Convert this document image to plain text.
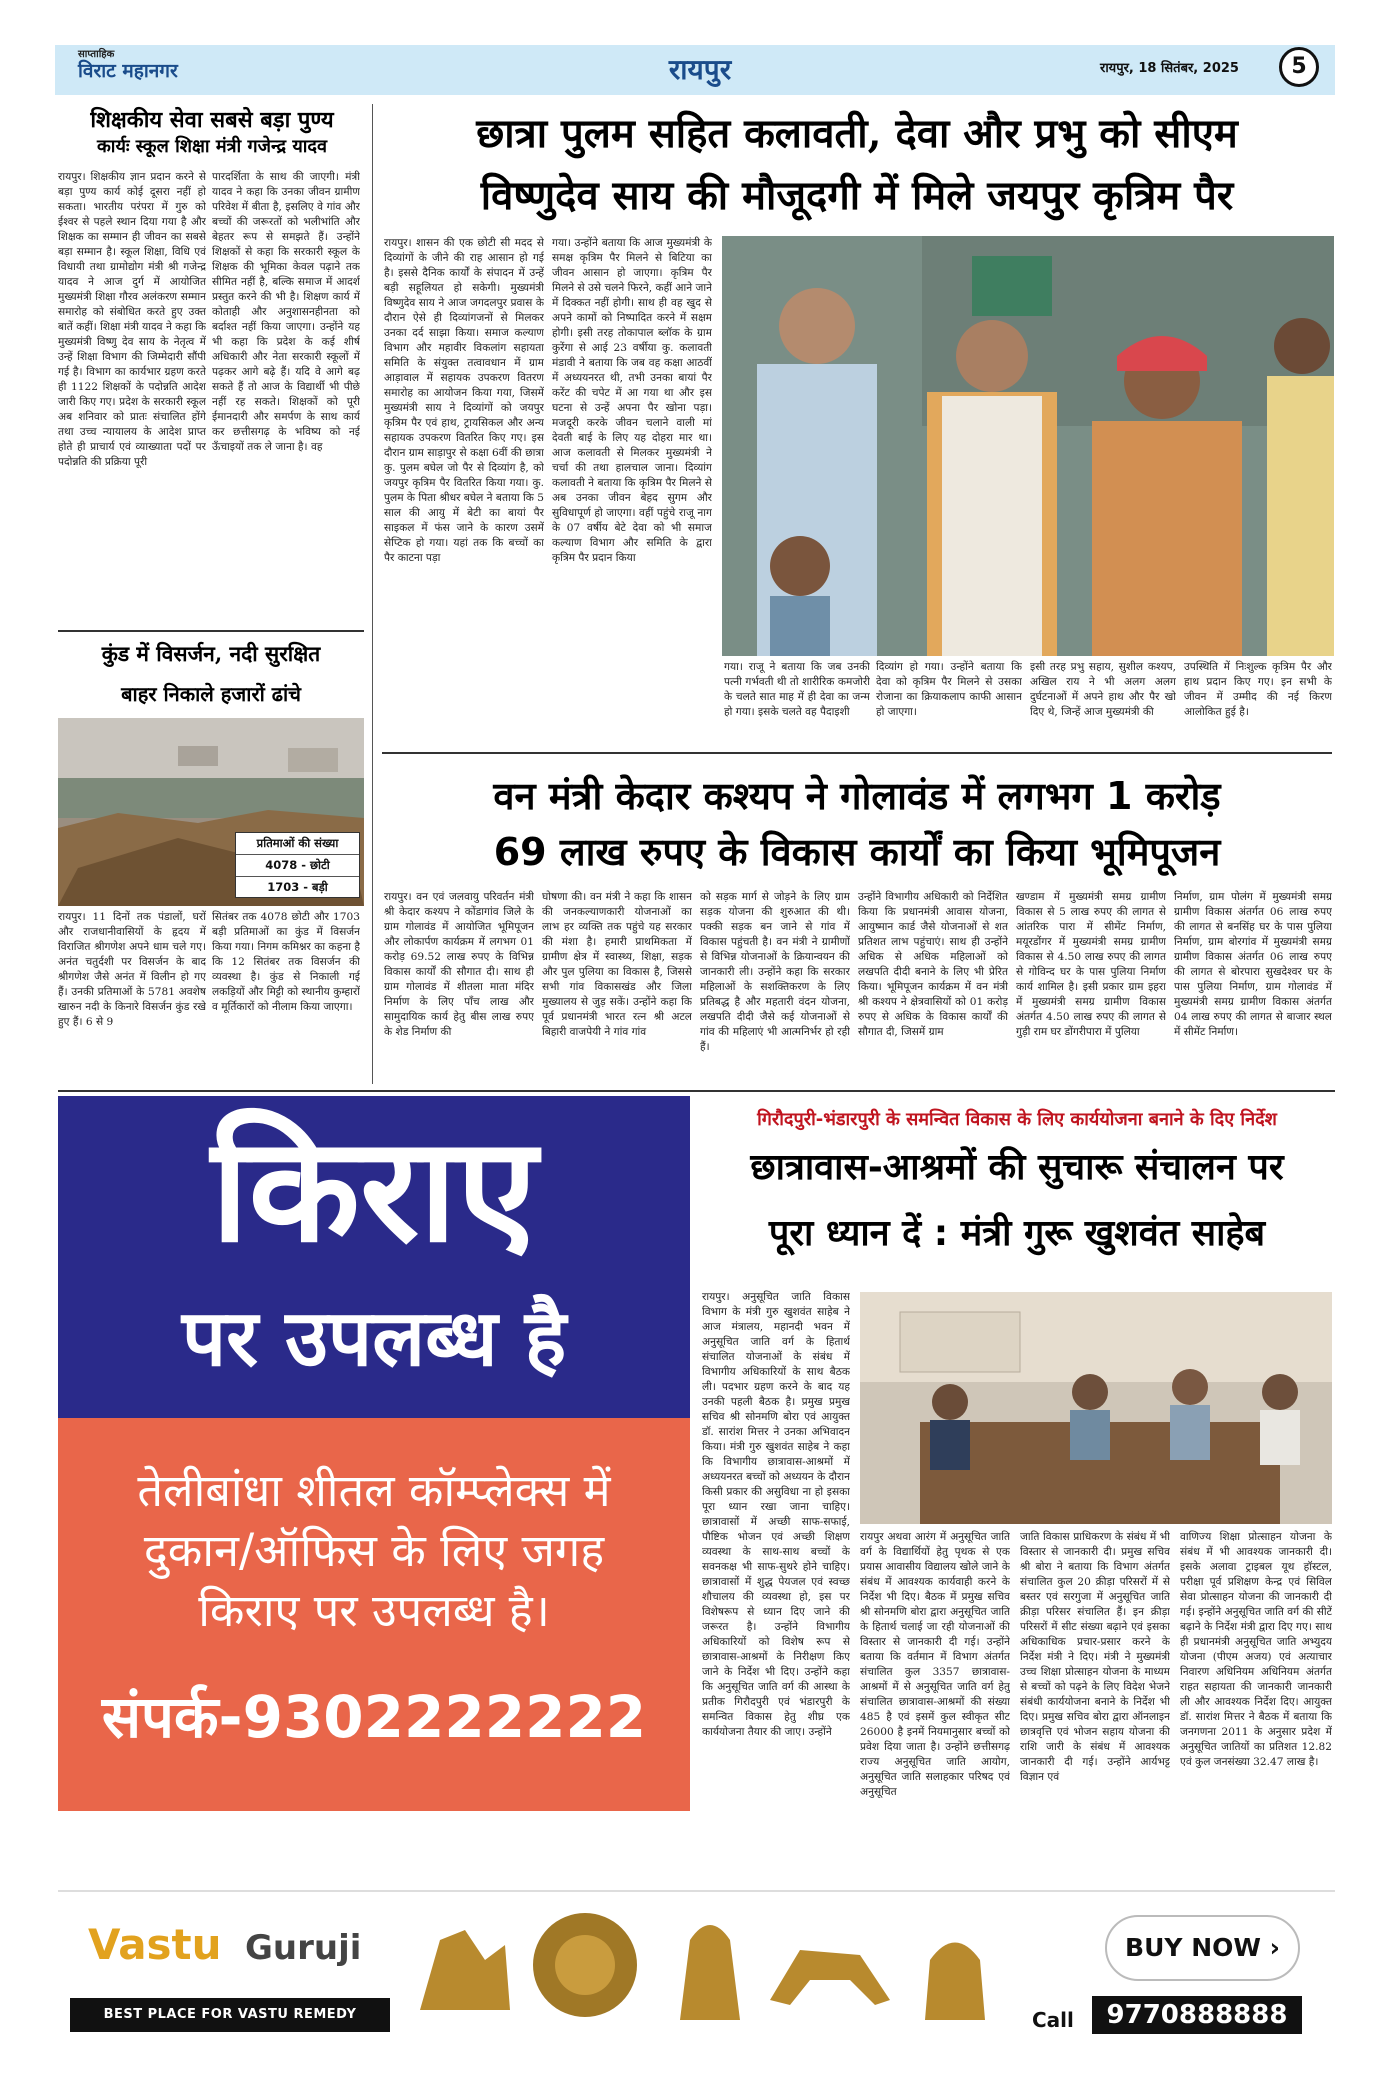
साप्ताहिक
विराट महानगर	रायपुर	रायपुर, 18 सितंबर, 2025	5
शिक्षकीय सेवा सबसे बड़ा पुण्य
कार्यः स्कूल शिक्षा मंत्री गजेन्द्र यादव
रायपुर। शिक्षकीय ज्ञान प्रदान करने से बड़ा पुण्य कार्य कोई दूसरा नहीं हो सकता। भारतीय परंपरा में गुरु को ईश्वर से पहले स्थान दिया गया है और शिक्षक का सम्मान ही जीवन का सबसे बड़ा सम्मान है। स्कूल शिक्षा, विधि एवं विधायी तथा ग्रामोद्योग मंत्री श्री गजेन्द्र यादव ने आज दुर्ग में आयोजित मुख्यमंत्री शिक्षा गौरव अलंकरण सम्मान समारोह को संबोधित करते हुए उक्त बातें कहीं। शिक्षा मंत्री यादव ने कहा कि मुख्यमंत्री विष्णु देव साय के नेतृत्व में उन्हें शिक्षा विभाग की जिम्मेदारी सौंपी गई है। विभाग का कार्यभार ग्रहण करते ही 1122 शिक्षकों के पदोन्नति आदेश जारी किए गए। प्रदेश के सरकारी स्कूल अब शनिवार को प्रातः संचालित होंगे तथा उच्च न्यायालय के आदेश प्राप्त होते ही प्राचार्य एवं व्याख्याता पदों पर पदोन्नति की प्रक्रिया पूरी
पारदर्शिता के साथ की जाएगी। मंत्री यादव ने कहा कि उनका जीवन ग्रामीण परिवेश में बीता है, इसलिए वे गांव और बच्चों की जरूरतों को भलीभांति और बेहतर रूप से समझते हैं। उन्होंने शिक्षकों से कहा कि सरकारी स्कूल के शिक्षक की भूमिका केवल पढ़ाने तक सीमित नहीं है, बल्कि समाज में आदर्श प्रस्तुत करने की भी है। शिक्षण कार्य में कोताही और अनुशासनहीनता को बर्दाश्त नहीं किया जाएगा। उन्होंने यह भी कहा कि प्रदेश के कई शीर्ष अधिकारी और नेता सरकारी स्कूलों में पढ़कर आगे बढ़े हैं। यदि वे आगे बढ़ सकते हैं तो आज के विद्यार्थी भी पीछे नहीं रह सकते। शिक्षकों को पूरी ईमानदारी और समर्पण के साथ कार्य कर छत्तीसगढ़ के भविष्य को नई ऊँचाइयों तक ले जाना है। वह
कुंड में विसर्जन, नदी सुरक्षित
बाहर निकाले हजारों ढांचे
प्रतिमाओं की संख्या
4078 - छोटी
1703 - बड़ी
रायपुर। 11 दिनों तक पंडालों, घरों और राजधानीवासियों के हृदय में विराजित श्रीगणेश अपने धाम चले गए। अनंत चतुर्दशी पर विसर्जन के बाद श्रीगणेश जैसे अनंत में विलीन हो गए हैं। उनकी प्रतिमाओं के 5781 अवशेष खारुन नदी के किनारे विसर्जन कुंड रखे हुए हैं। 6 से 9
सितंबर तक 4078 छोटी और 1703 बड़ी प्रतिमाओं का कुंड में विसर्जन किया गया। निगम कमिश्नर का कहना है कि 12 सितंबर तक विसर्जन की व्यवस्था है। कुंड से निकाली गई लकड़ियों और मिट्टी को स्थानीय कुम्हारों व मूर्तिकारों को नीलाम किया जाएगा।
छात्रा पुलम सहित कलावती, देवा और प्रभु को सीएम
विष्णुदेव साय की मौजूदगी में मिले जयपुर कृत्रिम पैर
रायपुर। शासन की एक छोटी सी मदद से दिव्यांगों के जीने की राह आसान हो गई है। इससे दैनिक कार्यों के संपादन में उन्हें बड़ी सहूलियत हो सकेगी। मुख्यमंत्री विष्णुदेव साय ने आज जगदलपुर प्रवास के दौरान ऐसे ही दिव्यांगजनों से मिलकर उनका दर्द साझा किया। समाज कल्याण विभाग और महावीर विकलांग सहायता समिति के संयुक्त तत्वावधान में ग्राम आड़ावाल में सहायक उपकरण वितरण समारोह का आयोजन किया गया, जिसमें मुख्यमंत्री साय ने दिव्यांगों को जयपुर कृत्रिम पैर एवं हाथ, ट्रायसिकल और अन्य सहायक उपकरण वितरित किए गए। इस दौरान ग्राम साड़ापुर से कक्षा 6वीं की छात्रा कु. पुलम बघेल जो पैर से दिव्यांग है, को जयपुर कृत्रिम पैर वितरित किया गया। कु. पुलम के पिता श्रीधर बघेल ने बताया कि 5 साल की आयु में बेटी का बायां पैर साइकल में फंस जाने के कारण उसमें सेप्टिक हो गया। यहां तक कि बच्चों का पैर काटना पड़ा
गया। उन्होंने बताया कि आज मुख्यमंत्री के समक्ष कृत्रिम पैर मिलने से बिटिया का जीवन आसान हो जाएगा। कृत्रिम पैर मिलने से उसे चलने फिरने, कहीं आने जाने में दिक्कत नहीं होगी। साथ ही वह खुद से अपने कामों को निष्पादित करने में सक्षम होगी। इसी तरह तोकापाल ब्लॉक के ग्राम कुरेंगा से आई 23 वर्षीया कु. कलावती मंडावी ने बताया कि जब वह कक्षा आठवीं में अध्ययनरत थी, तभी उनका बायां पैर करेंट की चपेट में आ गया था और इस घटना से उन्हें अपना पैर खोना पड़ा। मजदूरी करके जीवन चलाने वाली मां देवती बाई के लिए यह दोहरा मार था। आज कलावती से मिलकर मुख्यमंत्री ने चर्चा की तथा हालचाल जाना। दिव्यांग कलावती ने बताया कि कृत्रिम पैर मिलने से अब उनका जीवन बेहद सुगम और सुविधापूर्ण हो जाएगा। वहीं पहुंचे राजू नाग के 07 वर्षीय बेटे देवा को भी समाज कल्याण विभाग और समिति के द्वारा कृत्रिम पैर प्रदान किया
गया। राजू ने बताया कि जब उनकी पत्नी गर्भवती थी तो शारीरिक कमजोरी के चलते सात माह में ही देवा का जन्म हो गया। इसके चलते वह पैदाइशी
दिव्यांग हो गया। उन्होंने बताया कि देवा को कृत्रिम पैर मिलने से उसका रोजाना का क्रियाकलाप काफी आसान हो जाएगा।
इसी तरह प्रभु सहाय, सुशील कश्यप, अखिल राय ने भी अलग अलग दुर्घटनाओं में अपने हाथ और पैर खो दिए थे, जिन्हें आज मुख्यमंत्री की
उपस्थिति में निःशुल्क कृत्रिम पैर और हाथ प्रदान किए गए। इन सभी के जीवन में उम्मीद की नई किरण आलोकित हुई है।
वन मंत्री केदार कश्यप ने गोलावंड में लगभग 1 करोड़
69 लाख रुपए के विकास कार्यों का किया भूमिपूजन
रायपुर। वन एवं जलवायु परिवर्तन मंत्री श्री केदार कश्यप ने कोंडागांव जिले के ग्राम गोलावंड में आयोजित भूमिपूजन और लोकार्पण कार्यक्रम में लगभग 01 करोड़ 69.52 लाख रुपए के विभिन्न विकास कार्यों की सौगात दी। साथ ही ग्राम गोलावंड में शीतला माता मंदिर निर्माण के लिए पाँच लाख और सामुदायिक कार्य हेतु बीस लाख रुपए के शेड निर्माण की
घोषणा की। वन मंत्री ने कहा कि शासन की जनकल्याणकारी योजनाओं का लाभ हर व्यक्ति तक पहुंचे यह सरकार की मंशा है। हमारी प्राथमिकता में ग्रामीण क्षेत्र में स्वास्थ्य, शिक्षा, सड़क और पुल पुलिया का विकास है, जिससे सभी गांव विकासखंड और जिला मुख्यालय से जुड़ सकें। उन्होंने कहा कि पूर्व प्रधानमंत्री भारत रत्न श्री अटल बिहारी वाजपेयी ने गांव गांव
को सड़क मार्ग से जोड़ने के लिए ग्राम सड़क योजना की शुरुआत की थी। पक्की सड़क बन जाने से गांव में विकास पहुंचती है। वन मंत्री ने ग्रामीणों से विभिन्न योजनाओं के क्रियान्वयन की जानकारी ली। उन्होंने कहा कि सरकार महिलाओं के सशक्तिकरण के लिए प्रतिबद्ध है और महतारी वंदन योजना, लखपति दीदी जैसे कई योजनाओं से गांव की महिलाएं भी आत्मनिर्भर हो रही हैं।
उन्होंने विभागीय अधिकारी को निर्देशित किया कि प्रधानमंत्री आवास योजना, आयुष्मान कार्ड जैसे योजनाओं से शत प्रतिशत लाभ पहुंचाएं। साथ ही उन्होंने अधिक से अधिक महिलाओं को लखपति दीदी बनाने के लिए भी प्रेरित किया। भूमिपूजन कार्यक्रम में वन मंत्री श्री कश्यप ने क्षेत्रवासियों को 01 करोड़ रुपए से अधिक के विकास कार्यों की सौगात दी, जिसमें ग्राम
खण्डाम में मुख्यमंत्री समग्र ग्रामीण विकास से 5 लाख रुपए की लागत से आंतरिक पारा में सीमेंट निर्माण, मयूरडोंगर में मुख्यमंत्री समग्र ग्रामीण विकास से 4.50 लाख रुपए की लागत से गोविन्द घर के पास पुलिया निर्माण कार्य शामिल है। इसी प्रकार ग्राम इहरा में मुख्यमंत्री समग्र ग्रामीण विकास अंतर्गत 4.50 लाख रुपए की लागत से गुड़ी राम घर डोंगरीपारा में पुलिया
निर्माण, ग्राम पोलंग में मुख्यमंत्री समग्र ग्रामीण विकास अंतर्गत 06 लाख रुपए की लागत से बनसिंह घर के पास पुलिया निर्माण, ग्राम बोरगांव में मुख्यमंत्री समग्र ग्रामीण विकास अंतर्गत 06 लाख रुपए की लागत से बोरपारा सुखदेश्वर घर के पास पुलिया निर्माण, ग्राम गोलावंड में मुख्यमंत्री समग्र ग्रामीण विकास अंतर्गत 04 लाख रुपए की लागत से बाजार स्थल में सीमेंट निर्माण।
किराए
पर उपलब्ध है
तेलीबांधा शीतल कॉम्प्लेक्स में दुकान/ऑफिस के लिए जगह किराए पर उपलब्ध है।
संपर्क-9302222222
गिरौदपुरी-भंडारपुरी के समन्वित विकास के लिए कार्ययोजना बनाने के दिए निर्देश
छात्रावास-आश्रमों की सुचारू संचालन पर
पूरा ध्यान दें : मंत्री गुरू खुशवंत साहेब
रायपुर। अनुसूचित जाति विकास विभाग के मंत्री गुरु खुशवंत साहेब ने आज मंत्रालय, महानदी भवन में अनुसूचित जाति वर्ग के हितार्थ संचालित योजनाओं के संबंध में विभागीय अधिकारियों के साथ बैठक ली। पदभार ग्रहण करने के बाद यह उनकी पहली बैठक है। प्रमुख प्रमुख सचिव श्री सोनमणि बोरा एवं आयुक्त डॉ. सारांश मित्तर ने उनका अभिवादन किया। मंत्री गुरु खुशवंत साहेब ने कहा कि विभागीय छात्रावास-आश्रमों में अध्ययनरत बच्चों को अध्ययन के दौरान किसी प्रकार की असुविधा ना हो इसका पूरा ध्यान रखा जाना चाहिए। छात्रावासों में अच्छी साफ-सफाई, पौष्टिक भोजन एवं अच्छी शिक्षण व्यवस्था के साथ-साथ बच्चों के सवनकक्ष भी साफ-सुथरे होने चाहिए। छात्रावासों में शुद्ध पेयजल एवं स्वच्छ शौचालय की व्यवस्था हो, इस पर विशेषरूप से ध्यान दिए जाने की जरूरत है। उन्होंने विभागीय अधिकारियों को विशेष रूप से छात्रावास-आश्रमों के निरीक्षण किए जाने के निर्देश भी दिए। उन्होंने कहा कि अनुसूचित जाति वर्ग की आस्था के प्रतीक गिरौदपुरी एवं भंडारपुरी के समन्वित विकास हेतु शीघ्र एक कार्ययोजना तैयार की जाए। उन्होंने
रायपुर अथवा आरंग में अनुसूचित जाति वर्ग के विद्यार्थियों हेतु पृथक से एक प्रयास आवासीय विद्यालय खोले जाने के संबंध में आवश्यक कार्यवाही करने के निर्देश भी दिए। बैठक में प्रमुख सचिव श्री सोनमणि बोरा द्वारा अनुसूचित जाति के हितार्थ चलाई जा रही योजनाओं की विस्तार से जानकारी दी गई। उन्होंने बताया कि वर्तमान में विभाग अंतर्गत संचालित कुल 3357 छात्रावास-आश्रमों में से अनुसूचित जाति वर्ग हेतु संचालित छात्रावास-आश्रमों की संख्या 485 है एवं इसमें कुल स्वीकृत सीट 26000 है इनमें नियमानुसार बच्चों को प्रवेश दिया जाता है। उन्होंने छत्तीसगढ़ राज्य अनुसूचित जाति आयोग, अनुसूचित जाति सलाहकार परिषद एवं अनुसूचित
जाति विकास प्राधिकरण के संबंध में भी विस्तार से जानकारी दी। प्रमुख सचिव श्री बोरा ने बताया कि विभाग अंतर्गत संचालित कुल 20 क्रीड़ा परिसरों में से बस्तर एवं सरगुजा में अनुसूचित जाति क्रीड़ा परिसर संचालित हैं। इन क्रीड़ा परिसरों में सीट संख्या बढ़ाने एवं इसका अधिकाधिक प्रचार-प्रसार करने के निर्देश मंत्री ने दिए। मंत्री ने मुख्यमंत्री उच्च शिक्षा प्रोत्साहन योजना के माध्यम से बच्चों को पढ़ने के लिए विदेश भेजने संबंधी कार्ययोजना बनाने के निर्देश भी दिए। प्रमुख सचिव बोरा द्वारा ऑनलाइन छात्रवृत्ति एवं भोजन सहाय योजना की राशि जारी के संबंध में आवश्यक जानकारी दी गई। उन्होंने आर्यभट्ट विज्ञान एवं
वाणिज्य शिक्षा प्रोत्साहन योजना के संबंध में भी आवश्यक जानकारी दी। इसके अलावा ट्राइबल यूथ हॉस्टल, परीक्षा पूर्व प्रशिक्षण केन्द्र एवं सिविल सेवा प्रोत्साहन योजना की जानकारी दी गई। इन्होंने अनुसूचित जाति वर्ग की सीटें बढ़ाने के निर्देश मंत्री द्वारा दिए गए। साथ ही प्रधानमंत्री अनुसूचित जाति अभ्युदय योजना (पीएम अजय) एवं अत्याचार निवारण अधिनियम अधिनियम अंतर्गत राहत सहायता की जानकारी जानकारी ली और आवश्यक निर्देश दिए। आयुक्त डॉ. सारांश मित्तर ने बैठक में बताया कि जनगणना 2011 के अनुसार प्रदेश में अनुसूचित जातियों का प्रतिशत 12.82 एवं कुल जनसंख्या 32.47 लाख है।
Vastu Guruji
BEST PLACE FOR VASTU REMEDY
BUY NOW ›
Call	9770888888
